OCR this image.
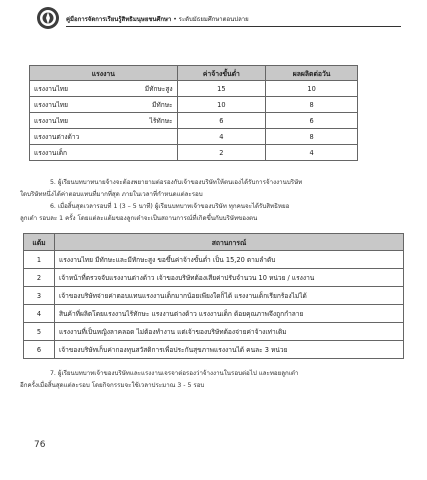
คู่มือการจัดการเรียนรู้สิทธิมนุษยชนศึกษา • ระดับมัธยมศึกษาตอนปลาย
แรงงาน	ค่าจ้างขั้นต่ำ	ผลผลิตต่อวัน
แรงงานไทย มีทักษะสูง	15	10
แรงงานไทย มีทักษะ	10	8
แรงงานไทย ไร้ทักษะ	6	6
แรงงานต่างด้าว	4	8
แรงงานเด็ก	2	4
5. ผู้เรียนบทบาทนายจ้างจะต้องพยายามต่อรองกับเจ้าของบริษัทให้ตนเองได้รับการจ้างงานบริษัท
ใดบริษัทหนึ่งได้ค่าตอบแทนที่มากที่สุด ภายในเวลาที่กำหนดแต่ละรอบ
6. เมื่อสิ้นสุดเวลารอบที่ 1 (3 – 5 นาที) ผู้เรียนบทบาทเจ้าของบริษัท ทุกคนจะได้รับสิทธิหยอ
ลูกเต๋า รอบละ 1 ครั้ง โดยแต่ละแต้มของลูกเต๋าจะเป็นสถานการณ์ที่เกิดขึ้นกับบริษัทของตน
แต้ม	สถานการณ์
1	แรงงานไทย มีทักษะและมีทักษะสูง ขอขึ้นค่าจ้างขั้นต่ำ เป็น 15,20 ตามลำดับ
2	เจ้าหน้าที่ตรวจจับแรงงานต่างด้าว เจ้าของบริษัทต้องเสียค่าปรับจำนวน 10 หน่วย / แรงงาน
3	เจ้าของบริษัทจ่ายค่าตอบแทนแรงงานเด็กมากน้อยเพียงใดก็ได้ แรงงานเด็กเรียกร้องไม่ได้
4	สินค้าที่ผลิตโดยแรงงานไร้ทักษะ แรงงานต่างด้าว แรงงานเด็ก ด้อยคุณภาพจึงถูกกำลาย
5	แรงงานที่เป็นหญิงลาคลอด ไม่ต้องทำงาน แต่เจ้าของบริษัทต้องจ่ายค่าจ้างเท่าเดิม
6	เจ้าของบริษัทเก็บค่ากองทุนสวัสดิการเพื่อประกันสุขภาพแรงงานได้ คนละ 3 หน่วย
7. ผู้เรียนบทบาทเจ้าของบริษัทและแรงงานเจรจาต่อรองว่าจ้างงานในรอบต่อไป และทอยลูกเต๋า
อีกครั้งเมื่อสิ้นสุดแต่ละรอบ โดยกิจกรรมจะใช้เวลาประมาณ 3 - 5 รอบ
76
